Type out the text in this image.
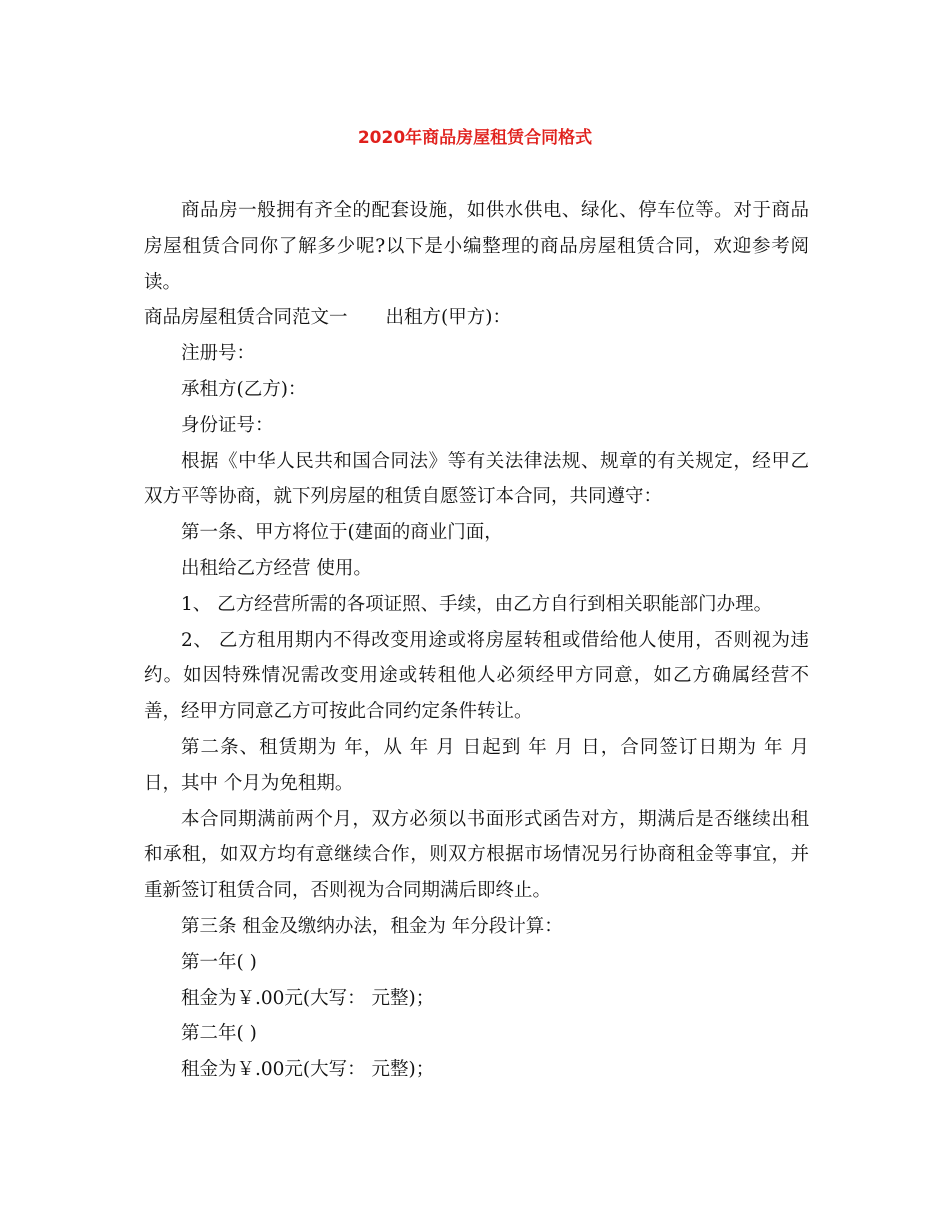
2020年商品房屋租赁合同格式

商品房一般拥有齐全的配套设施，如供水供电、绿化、停车位等。对于商品房屋租赁合同你了解多少呢?以下是小编整理的商品房屋租赁合同，欢迎参考阅读。

商品房屋租赁合同范文一 出租方(甲方)：

注册号：

承租方(乙方)：

身份证号：

根据《中华人民共和国合同法》等有关法律法规、规章的有关规定，经甲乙双方平等协商，就下列房屋的租赁自愿签订本合同，共同遵守：

第一条、甲方将位于(建面的商业门面，

出租给乙方经营 使用。

1、 乙方经营所需的各项证照、手续，由乙方自行到相关职能部门办理。

2、 乙方租用期内不得改变用途或将房屋转租或借给他人使用，否则视为违约。如因特殊情况需改变用途或转租他人必须经甲方同意，如乙方确属经营不善，经甲方同意乙方可按此合同约定条件转让。

第二条、租赁期为 年，从 年 月 日起到 年 月 日，合同签订日期为 年 月 日，其中 个月为免租期。

本合同期满前两个月，双方必须以书面形式函告对方，期满后是否继续出租和承租，如双方均有意继续合作，则双方根据市场情况另行协商租金等事宜，并重新签订租赁合同，否则视为合同期满后即终止。

第三条 租金及缴纳办法，租金为 年分段计算：

第一年( )

租金为￥.00元(大写： 元整)；

第二年( )

租金为￥.00元(大写： 元整)；
